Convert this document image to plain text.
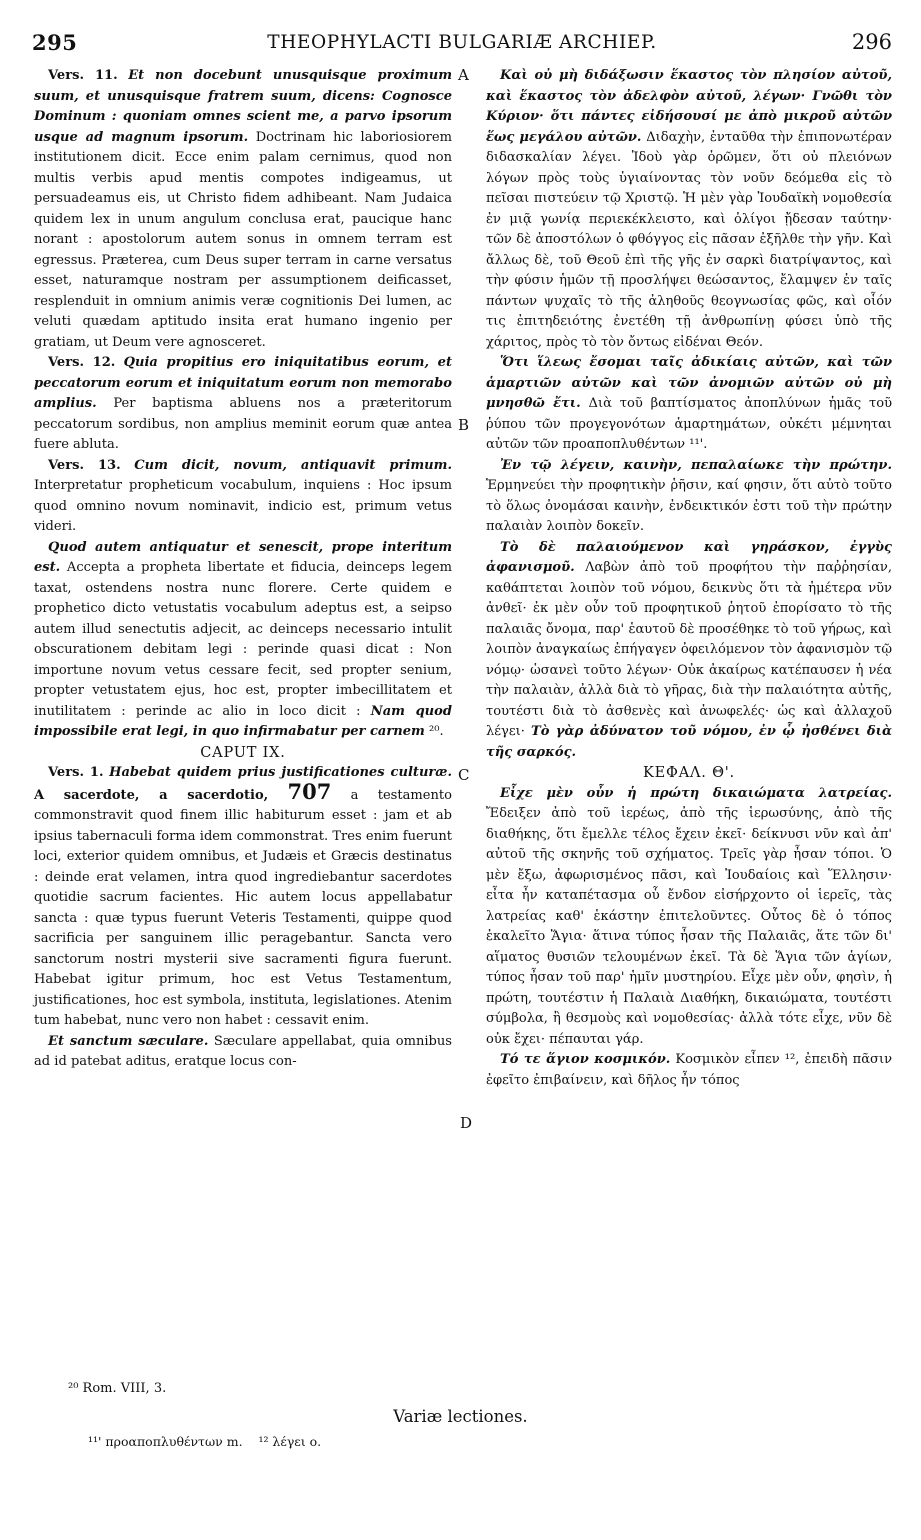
295	THEOPHYLACTI BULGARIÆ ARCHIEP.	296
A
B
C
D

Vers. 11. Et non docebunt unusquisque proximum suum, et unusquisque fratrem suum, dicens: Cognosce Dominum : quoniam omnes scient me, a parvo ipsorum usque ad magnum ipsorum. Doctrinam hic laboriosiorem institutionem dicit. Ecce enim palam cernimus, quod non multis verbis apud mentis compotes indigeamus, ut persuadeamus eis, ut Christo fidem adhibeant. Nam Judaica quidem lex in unum angulum conclusa erat, paucique hanc norant : apostolorum autem sonus in omnem terram est egressus. Præterea, cum Deus super terram in carne versatus esset, naturamque nostram per assumptionem deificasset, resplenduit in omnium animis veræ cognitionis Dei lumen, ac veluti quædam aptitudo insita erat humano ingenio per gratiam, ut Deum vere agnosceret.

Vers. 12. Quia propitius ero iniquitatibus eorum, et peccatorum eorum et iniquitatum eorum non memorabo amplius. Per baptisma abluens nos a præteritorum peccatorum sordibus, non amplius meminit eorum quæ antea fuere abluta.

Vers. 13. Cum dicit, novum, antiquavit primum. Interpretatur propheticum vocabulum, inquiens : Hoc ipsum quod omnino novum nominavit, indicio est, primum vetus videri.

Quod autem antiquatur et senescit, prope interitum est. Accepta a propheta libertate et fiducia, deinceps legem taxat, ostendens nostra nunc florere. Certe quidem e prophetico dicto vetustatis vocabulum adeptus est, a seipso autem illud senectutis adjecit, ac deinceps necessario intulit obscurationem debitam legi : perinde quasi dicat : Non importune novum vetus cessare fecit, sed propter senium, propter vetustatem ejus, hoc est, propter imbecillitatem et inutilitatem : perinde ac alio in loco dicit : Nam quod impossibile erat legi, in quo infirmabatur per carnem ²⁰.

CAPUT IX.

Vers. 1. Habebat quidem prius justificationes culturæ. A sacerdote, a sacerdotio, 707 a testamento commonstravit quod finem illic habiturum esset : jam et ab ipsius tabernaculi forma idem commonstrat. Tres enim fuerunt loci, exterior quidem omnibus, et Judæis et Græcis destinatus : deinde erat velamen, intra quod ingrediebantur sacerdotes quotidie sacrum facientes. Hic autem locus appellabatur sancta : quæ typus fuerunt Veteris Testamenti, quippe quod sacrificia per sanguinem illic peragebantur. Sancta vero sanctorum nostri mysterii sive sacramenti figura fuerunt. Habebat igitur primum, hoc est Vetus Testamentum, justificationes, hoc est symbola, instituta, legislationes. Atenim tum habebat, nunc vero non habet : cessavit enim.

Et sanctum sæculare. Sæculare appellabat, quia omnibus ad id patebat aditus, eratque locus con-

Καὶ οὐ μὴ διδάξωσιν ἕκαστος τὸν πλησίον αὐτοῦ, καὶ ἕκαστος τὸν ἀδελφὸν αὐτοῦ, λέγων· Γνῶθι τὸν Κύριον· ὅτι πάντες εἰδήσουσί με ἀπὸ μικροῦ αὐτῶν ἕως μεγάλου αὐτῶν. Διδαχὴν, ἐνταῦθα τὴν ἐπιπονωτέραν διδασκαλίαν λέγει. Ἰδοὺ γὰρ ὁρῶμεν, ὅτι οὐ πλειόνων λόγων πρὸς τοὺς ὑγιαίνοντας τὸν νοῦν δεόμεθα εἰς τὸ πεῖσαι πιστεύειν τῷ Χριστῷ. Ἡ μὲν γὰρ Ἰουδαϊκὴ νομοθεσία ἐν μιᾷ γωνίᾳ περιεκέκλειστο, καὶ ὀλίγοι ᾔδεσαν ταύτην· τῶν δὲ ἀποστόλων ὁ φθόγγος εἰς πᾶσαν ἐξῆλθε τὴν γῆν. Καὶ ἄλλως δὲ, τοῦ Θεοῦ ἐπὶ τῆς γῆς ἐν σαρκὶ διατρίψαντος, καὶ τὴν φύσιν ἡμῶν τῇ προσλήψει θεώσαντος, ἔλαμψεν ἐν ταῖς πάντων ψυχαῖς τὸ τῆς ἀληθοῦς θεογνωσίας φῶς, καὶ οἷόν τις ἐπιτηδειότης ἐνετέθη τῇ ἀνθρωπίνῃ φύσει ὑπὸ τῆς χάριτος, πρὸς τὸ τὸν ὄντως εἰδέναι Θεόν.

Ὅτι ἵλεως ἔσομαι ταῖς ἀδικίαις αὐτῶν, καὶ τῶν ἁμαρτιῶν αὐτῶν καὶ τῶν ἀνομιῶν αὐτῶν οὐ μὴ μνησθῶ ἔτι. Διὰ τοῦ βαπτίσματος ἀποπλύνων ἡμᾶς τοῦ ῥύπου τῶν προγεγονότων ἁμαρτημάτων, οὐκέτι μέμνηται αὐτῶν τῶν προαποπλυθέντων ¹¹'.

Ἐν τῷ λέγειν, καινὴν, πεπαλαίωκε τὴν πρώτην. Ἑρμηνεύει τὴν προφητικὴν ῥῆσιν, καί φησιν, ὅτι αὐτὸ τοῦτο τὸ ὅλως ὀνομάσαι καινὴν, ἐνδεικτικόν ἐστι τοῦ τὴν πρώτην παλαιὰν λοιπὸν δοκεῖν.

Τὸ δὲ παλαιούμενον καὶ γηράσκον, ἐγγὺς ἀφανισμοῦ. Λαβὼν ἀπὸ τοῦ προφήτου τὴν παῤῥησίαν, καθάπτεται λοιπὸν τοῦ νόμου, δεικνὺς ὅτι τὰ ἡμέτερα νῦν ἀνθεῖ· ἐκ μὲν οὖν τοῦ προφητικοῦ ῥητοῦ ἐπορίσατο τὸ τῆς παλαιᾶς ὄνομα, παρ' ἑαυτοῦ δὲ προσέθηκε τὸ τοῦ γήρως, καὶ λοιπὸν ἀναγκαίως ἐπήγαγεν ὀφειλόμενον τὸν ἀφανισμὸν τῷ νόμῳ· ὡσανεὶ τοῦτο λέγων· Οὐκ ἀκαίρως κατέπαυσεν ἡ νέα τὴν παλαιὰν, ἀλλὰ διὰ τὸ γῆρας, διὰ τὴν παλαιότητα αὐτῆς, τουτέστι διὰ τὸ ἀσθενὲς καὶ ἀνωφελές· ὡς καὶ ἀλλαχοῦ λέγει· Τὸ γὰρ ἀδύνατον τοῦ νόμου, ἐν ᾧ ἠσθένει διὰ τῆς σαρκός.

ΚΕΦΑΛ. Θ'.

Εἶχε μὲν οὖν ἡ πρώτη δικαιώματα λατρείας. Ἔδειξεν ἀπὸ τοῦ ἱερέως, ἀπὸ τῆς ἱερωσύνης, ἀπὸ τῆς διαθήκης, ὅτι ἔμελλε τέλος ἔχειν ἐκεῖ· δείκνυσι νῦν καὶ ἀπ' αὐτοῦ τῆς σκηνῆς τοῦ σχήματος. Τρεῖς γὰρ ἦσαν τόποι. Ὁ μὲν ἔξω, ἀφωρισμένος πᾶσι, καὶ Ἰουδαίοις καὶ Ἕλλησιν· εἶτα ἦν καταπέτασμα οὗ ἔνδον εἰσήρχοντο οἱ ἱερεῖς, τὰς λατρείας καθ' ἑκάστην ἐπιτελοῦντες. Οὗτος δὲ ὁ τόπος ἐκαλεῖτο Ἅγια· ἅτινα τύπος ἦσαν τῆς Παλαιᾶς, ἅτε τῶν δι' αἵματος θυσιῶν τελουμένων ἐκεῖ. Τὰ δὲ Ἅγια τῶν ἁγίων, τύπος ἦσαν τοῦ παρ' ἡμῖν μυστηρίου. Εἶχε μὲν οὖν, φησὶν, ἡ πρώτη, τουτέστιν ἡ Παλαιὰ Διαθήκη, δικαιώματα, τουτέστι σύμβολα, ἢ θεσμοὺς καὶ νομοθεσίας· ἀλλὰ τότε εἶχε, νῦν δὲ οὐκ ἔχει· πέπαυται γάρ.

Τό τε ἅγιον κοσμικόν. Κοσμικὸν εἶπεν ¹², ἐπειδὴ πᾶσιν ἐφεῖτο ἐπιβαίνειν, καὶ δῆλος ἦν τόπος

²⁰ Rom. VIII, 3.
Variæ lectiones.
¹¹' προαποπλυθέντων m.    ¹² λέγει ο.
